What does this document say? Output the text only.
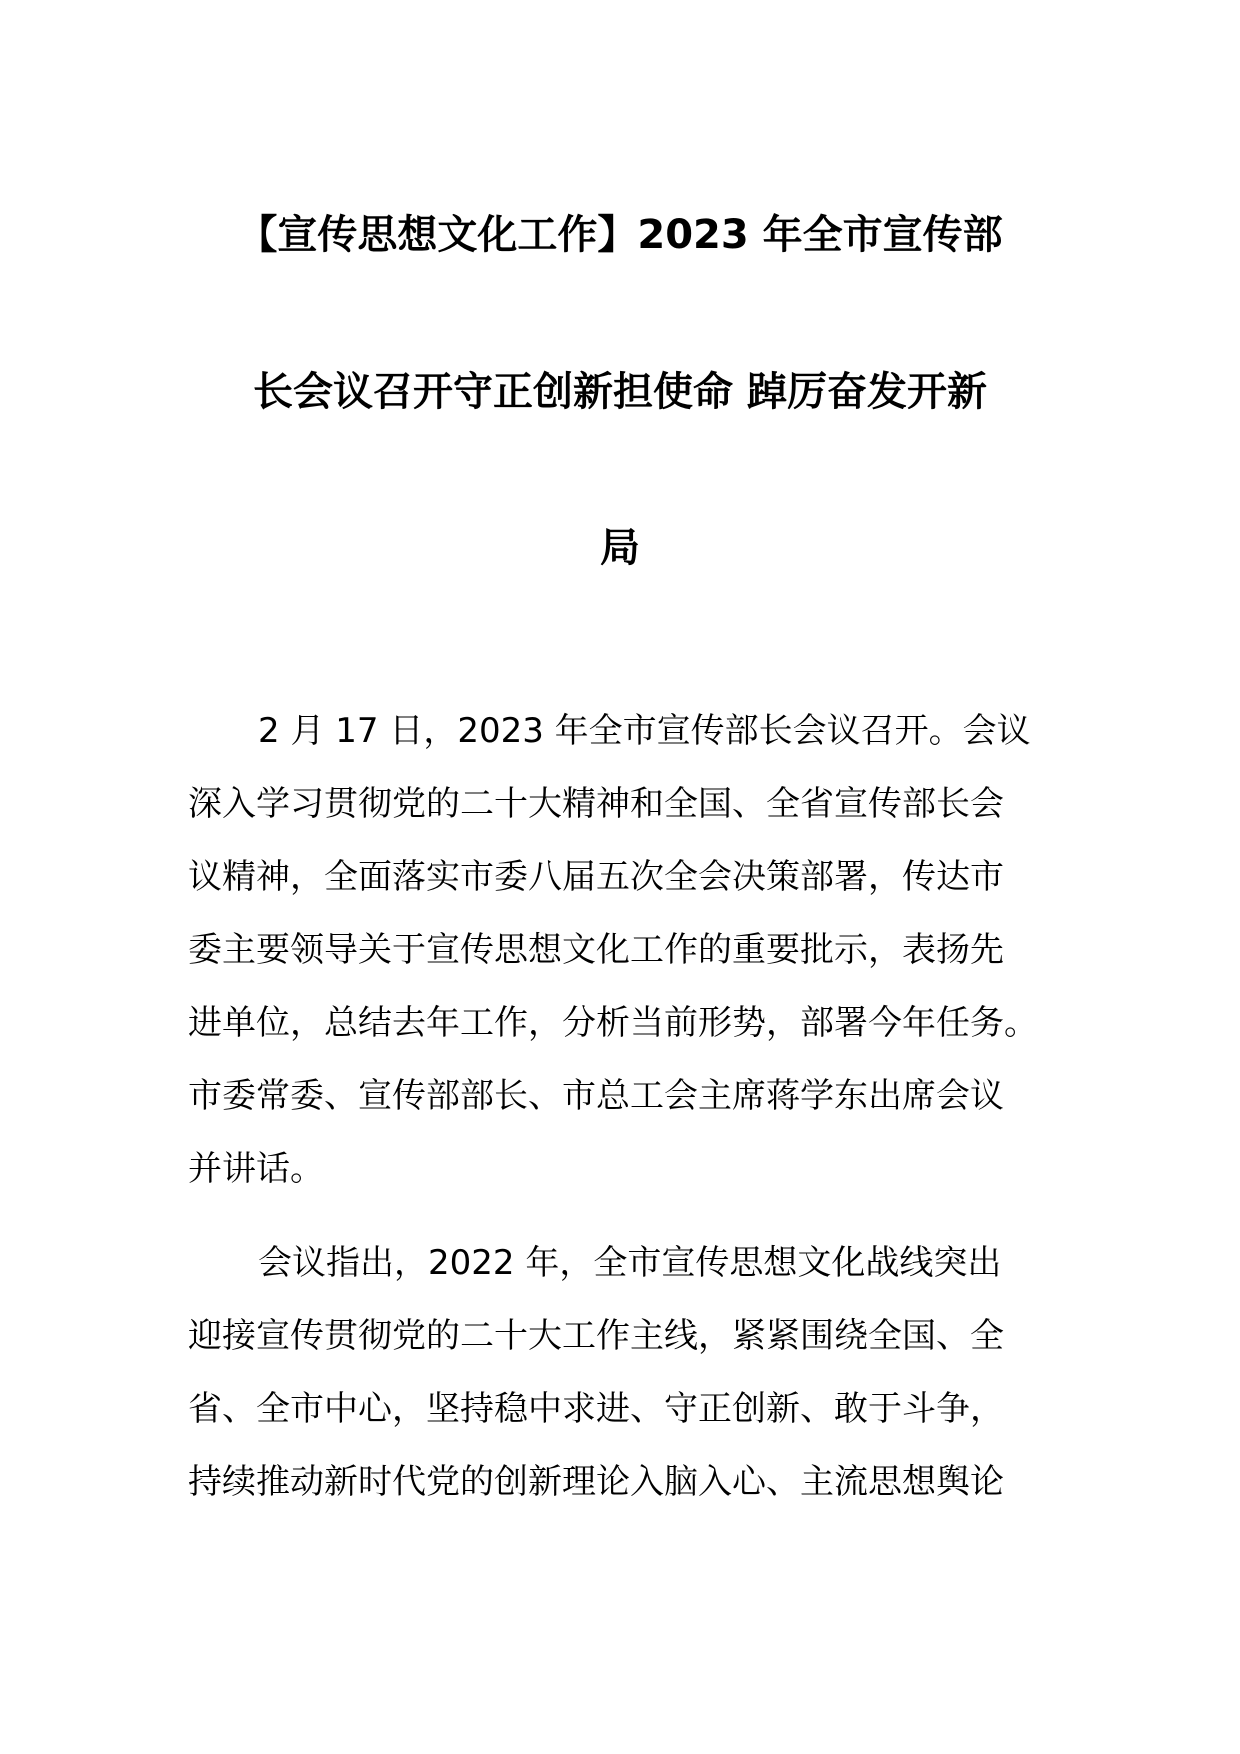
【宣传思想文化工作】2023 年全市宣传部
长会议召开守正创新担使命 踔厉奋发开新
局
2 月 17 日，2023 年全市宣传部长会议召开。会议
深入学习贯彻党的二十大精神和全国、全省宣传部长会
议精神，全面落实市委八届五次全会决策部署，传达市
委主要领导关于宣传思想文化工作的重要批示，表扬先
进单位，总结去年工作，分析当前形势，部署今年任务。
市委常委、宣传部部长、市总工会主席蒋学东出席会议
并讲话。
会议指出，2022 年，全市宣传思想文化战线突出
迎接宣传贯彻党的二十大工作主线，紧紧围绕全国、全
省、全市中心，坚持稳中求进、守正创新、敢于斗争，
持续推动新时代党的创新理论入脑入心、主流思想舆论
